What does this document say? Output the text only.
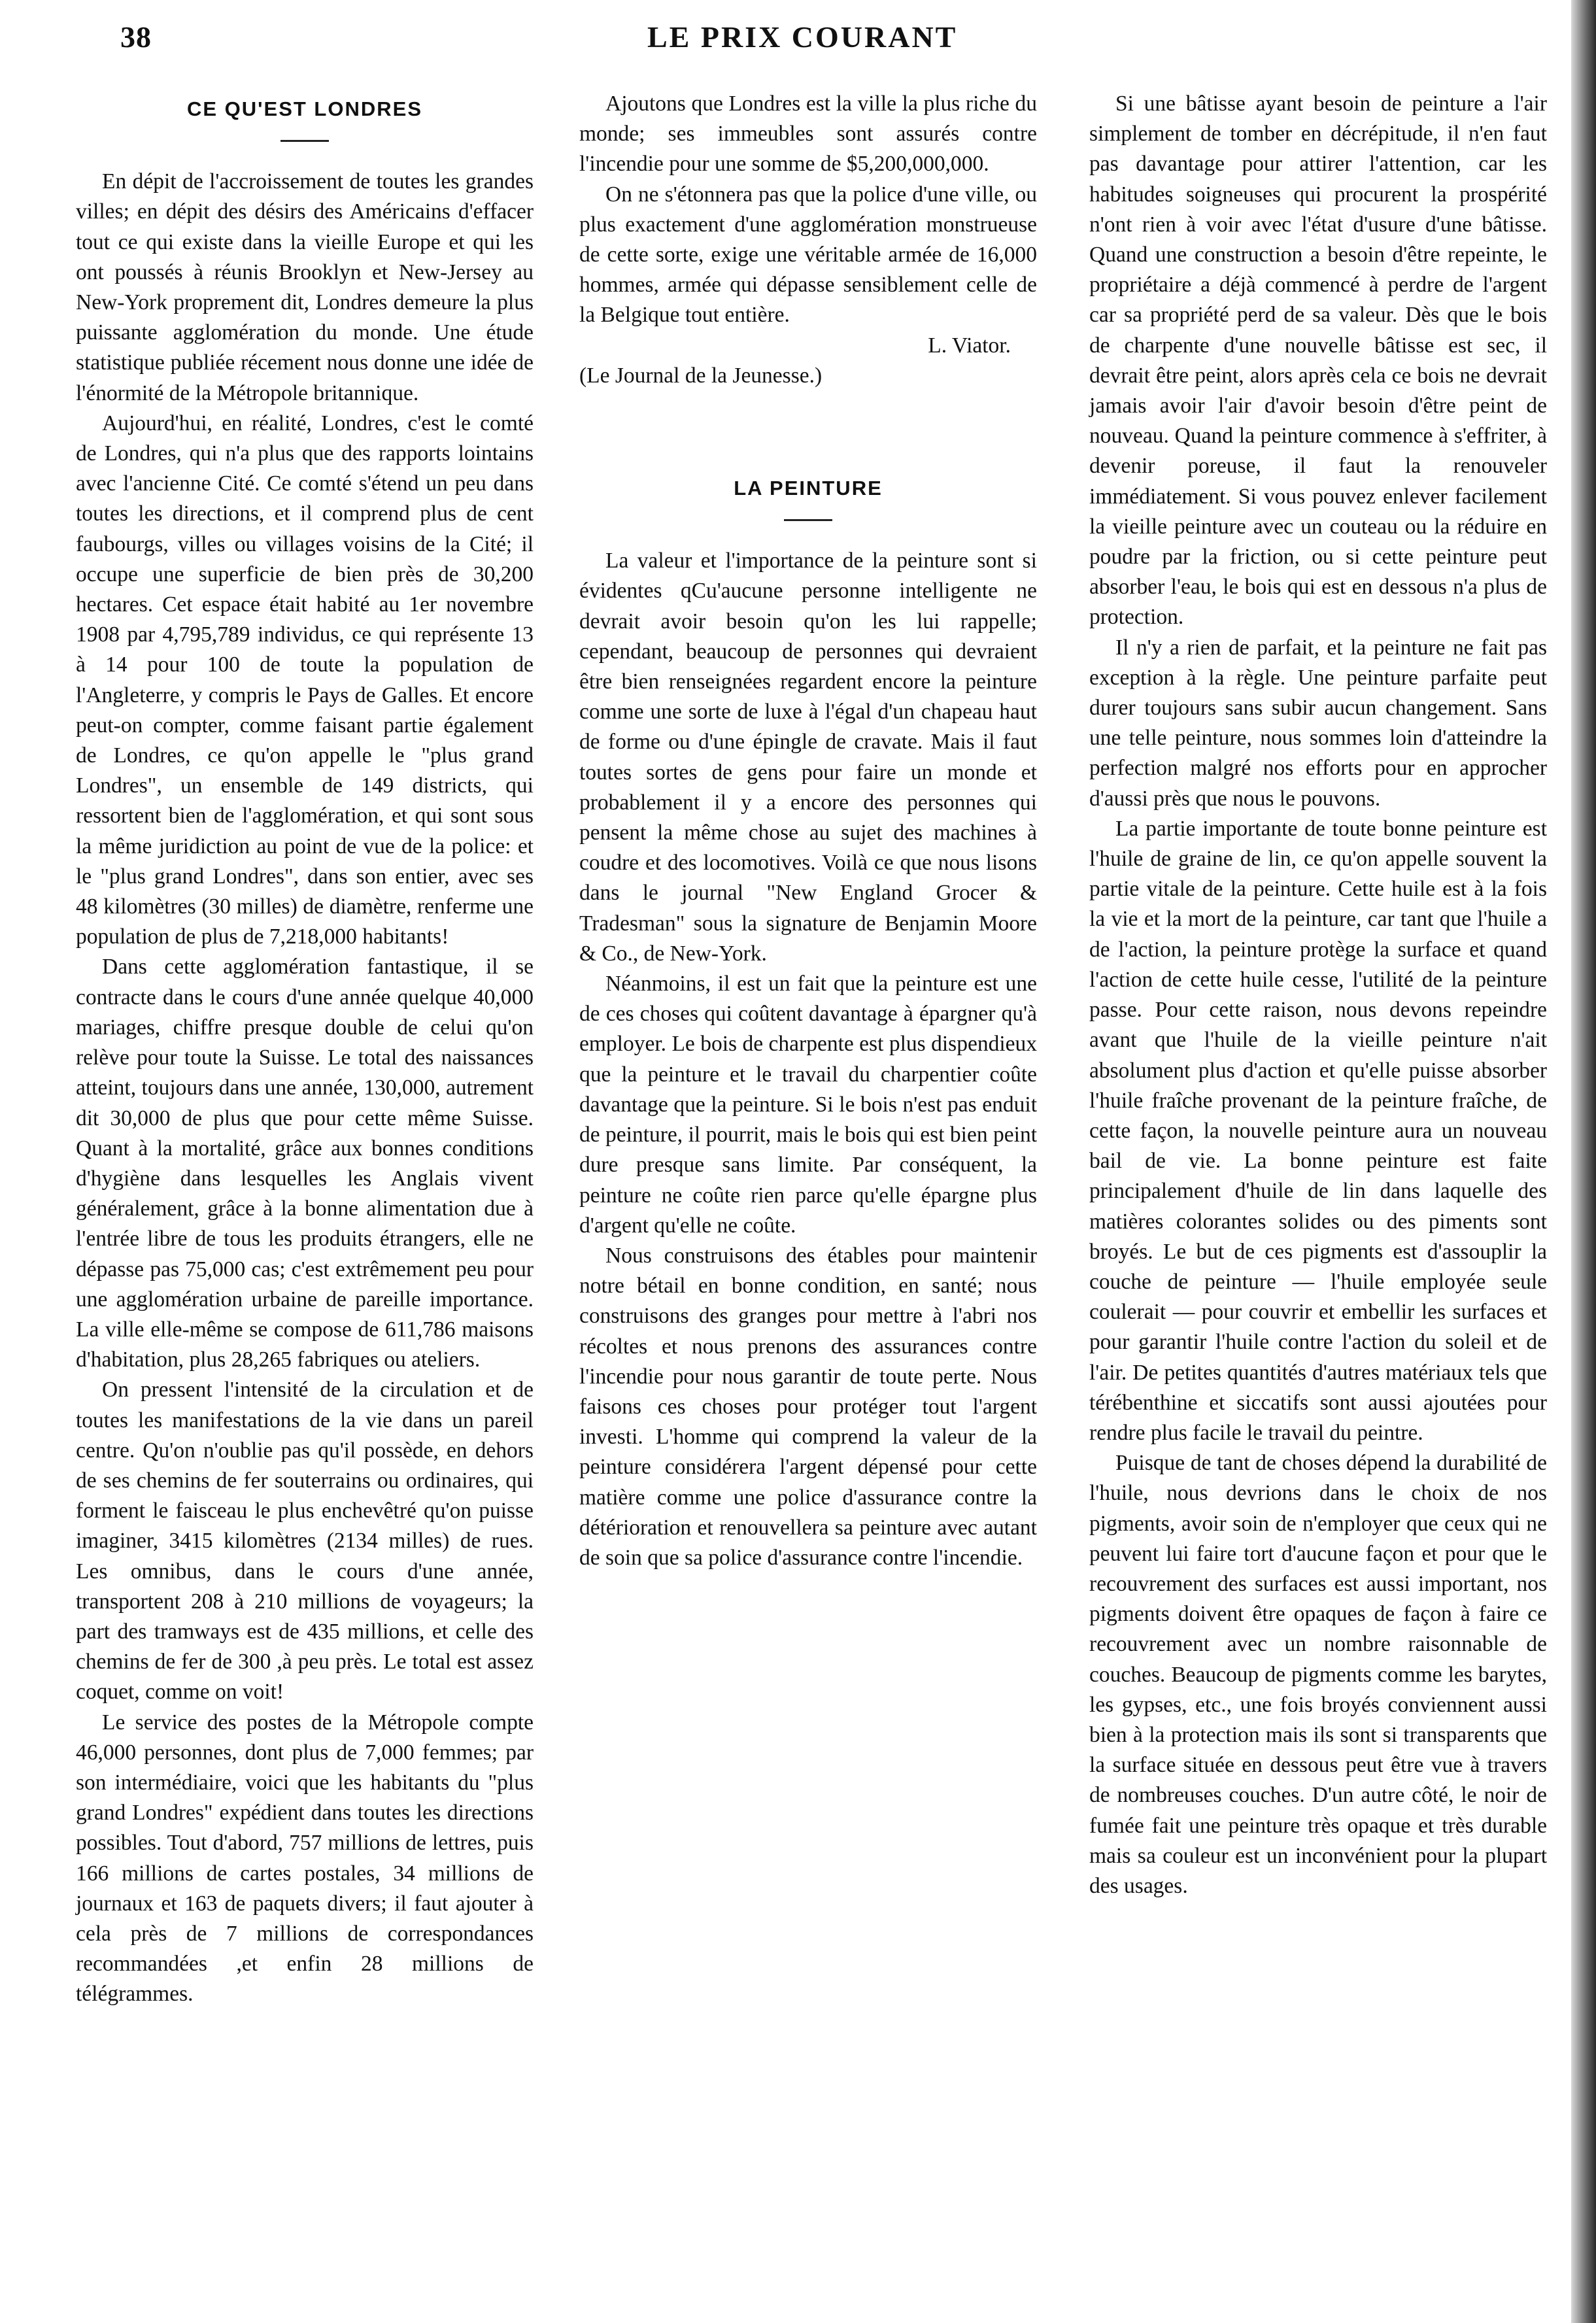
38	LE PRIX COURANT
CE QU'EST LONDRES

En dépit de l'accroissement de toutes les grandes villes; en dépit des désirs des Américains d'effacer tout ce qui existe dans la vieille Europe et qui les ont poussés à réunis Brooklyn et New-Jersey au New-York proprement dit, Londres demeure la plus puissante agglomération du monde. Une étude statistique publiée récement nous donne une idée de l'énormité de la Métropole britannique.

Aujourd'hui, en réalité, Londres, c'est le comté de Londres, qui n'a plus que des rapports lointains avec l'ancienne Cité. Ce comté s'étend un peu dans toutes les directions, et il comprend plus de cent faubourgs, villes ou villages voisins de la Cité; il occupe une superficie de bien près de 30,200 hectares. Cet espace était habité au 1er novembre 1908 par 4,795,789 individus, ce qui représente 13 à 14 pour 100 de toute la population de l'Angleterre, y compris le Pays de Galles. Et encore peut-on compter, comme faisant partie également de Londres, ce qu'on appelle le "plus grand Londres", un ensemble de 149 districts, qui ressortent bien de l'agglomération, et qui sont sous la même juridiction au point de vue de la police: et le "plus grand Londres", dans son entier, avec ses 48 kilomètres (30 milles) de diamètre, renferme une population de plus de 7,218,000 habitants!

Dans cette agglomération fantastique, il se contracte dans le cours d'une année quelque 40,000 mariages, chiffre presque double de celui qu'on relève pour toute la Suisse. Le total des naissances atteint, toujours dans une année, 130,000, autrement dit 30,000 de plus que pour cette même Suisse. Quant à la mortalité, grâce aux bonnes conditions d'hygiène dans lesquelles les Anglais vivent généralement, grâce à la bonne alimentation due à l'entrée libre de tous les produits étrangers, elle ne dépasse pas 75,000 cas; c'est extrêmement peu pour une agglomération urbaine de pareille importance. La ville elle-même se compose de 611,786 maisons d'habitation, plus 28,265 fabriques ou ateliers.

On pressent l'intensité de la circulation et de toutes les manifestations de la vie dans un pareil centre. Qu'on n'oublie pas qu'il possède, en dehors de ses chemins de fer souterrains ou ordinaires, qui forment le faisceau le plus enchevêtré qu'on puisse imaginer, 3415 kilomètres (2134 milles) de rues. Les omnibus, dans le cours d'une année, transportent 208 à 210 millions de voyageurs; la part des tramways est de 435 millions, et celle des chemins de fer de 300 ,à peu près. Le total est assez coquet, comme on voit!

Le service des postes de la Métropole compte 46,000 personnes, dont plus de 7,000 femmes; par son intermédiaire, voici que les habitants du "plus grand Londres" expédient dans toutes les directions possibles. Tout d'abord, 757 millions de lettres, puis 166 millions de cartes postales, 34 millions de journaux et 163 de paquets divers; il faut ajouter à cela près de 7 millions de correspondances recommandées ,et enfin 28 millions de télégrammes.

Ajoutons que Londres est la ville la plus riche du monde; ses immeubles sont assurés contre l'incendie pour une somme de $5,200,000,000.

On ne s'étonnera pas que la police d'une ville, ou plus exactement d'une agglomération monstrueuse de cette sorte, exige une véritable armée de 16,000 hommes, armée qui dépasse sensiblement celle de la Belgique tout entière.

L. Viator.

(Le Journal de la Jeunesse.)

LA PEINTURE

La valeur et l'importance de la peinture sont si évidentes qCu'aucune personne intelligente ne devrait avoir besoin qu'on les lui rappelle; cependant, beaucoup de personnes qui devraient être bien renseignées regardent encore la peinture comme une sorte de luxe à l'égal d'un chapeau haut de forme ou d'une épingle de cravate. Mais il faut toutes sortes de gens pour faire un monde et probablement il y a encore des personnes qui pensent la même chose au sujet des machines à coudre et des locomotives. Voilà ce que nous lisons dans le journal "New England Grocer & Tradesman" sous la signature de Benjamin Moore & Co., de New-York.

Néanmoins, il est un fait que la peinture est une de ces choses qui coûtent davantage à épargner qu'à employer. Le bois de charpente est plus dispendieux que la peinture et le travail du charpentier coûte davantage que la peinture. Si le bois n'est pas enduit de peinture, il pourrit, mais le bois qui est bien peint dure presque sans limite. Par conséquent, la peinture ne coûte rien parce qu'elle épargne plus d'argent qu'elle ne coûte.

Nous construisons des étables pour maintenir notre bétail en bonne condition, en santé; nous construisons des granges pour mettre à l'abri nos récoltes et nous prenons des assurances contre l'incendie pour nous garantir de toute perte. Nous faisons ces choses pour protéger tout l'argent investi. L'homme qui comprend la valeur de la peinture considérera l'argent dépensé pour cette matière comme une police d'assurance contre la détérioration et renouvellera sa peinture avec autant de soin que sa police d'assurance contre l'incendie.

Si une bâtisse ayant besoin de peinture a l'air simplement de tomber en décrépitude, il n'en faut pas davantage pour attirer l'attention, car les habitudes soigneuses qui procurent la prospérité n'ont rien à voir avec l'état d'usure d'une bâtisse. Quand une construction a besoin d'être repeinte, le propriétaire a déjà commencé à perdre de l'argent car sa propriété perd de sa valeur. Dès que le bois de charpente d'une nouvelle bâtisse est sec, il devrait être peint, alors après cela ce bois ne devrait jamais avoir l'air d'avoir besoin d'être peint de nouveau. Quand la peinture commence à s'effriter, à devenir poreuse, il faut la renouveler immédiatement. Si vous pouvez enlever facilement la vieille peinture avec un couteau ou la réduire en poudre par la friction, ou si cette peinture peut absorber l'eau, le bois qui est en dessous n'a plus de protection.

Il n'y a rien de parfait, et la peinture ne fait pas exception à la règle. Une peinture parfaite peut durer toujours sans subir aucun changement. Sans une telle peinture, nous sommes loin d'atteindre la perfection malgré nos efforts pour en approcher d'aussi près que nous le pouvons.

La partie importante de toute bonne peinture est l'huile de graine de lin, ce qu'on appelle souvent la partie vitale de la peinture. Cette huile est à la fois la vie et la mort de la peinture, car tant que l'huile a de l'action, la peinture protège la surface et quand l'action de cette huile cesse, l'utilité de la peinture passe. Pour cette raison, nous devons repeindre avant que l'huile de la vieille peinture n'ait absolument plus d'action et qu'elle puisse absorber l'huile fraîche provenant de la peinture fraîche, de cette façon, la nouvelle peinture aura un nouveau bail de vie. La bonne peinture est faite principalement d'huile de lin dans laquelle des matières colorantes solides ou des piments sont broyés. Le but de ces pigments est d'assouplir la couche de peinture — l'huile employée seule coulerait — pour couvrir et embellir les surfaces et pour garantir l'huile contre l'action du soleil et de l'air. De petites quantités d'autres matériaux tels que térébenthine et siccatifs sont aussi ajoutées pour rendre plus facile le travail du peintre.

Puisque de tant de choses dépend la durabilité de l'huile, nous devrions dans le choix de nos pigments, avoir soin de n'employer que ceux qui ne peuvent lui faire tort d'aucune façon et pour que le recouvrement des surfaces est aussi important, nos pigments doivent être opaques de façon à faire ce recouvrement avec un nombre raisonnable de couches. Beaucoup de pigments comme les barytes, les gypses, etc., une fois broyés conviennent aussi bien à la protection mais ils sont si transparents que la surface située en dessous peut être vue à travers de nombreuses couches. D'un autre côté, le noir de fumée fait une peinture très opaque et très durable mais sa couleur est un inconvénient pour la plupart des usages.
